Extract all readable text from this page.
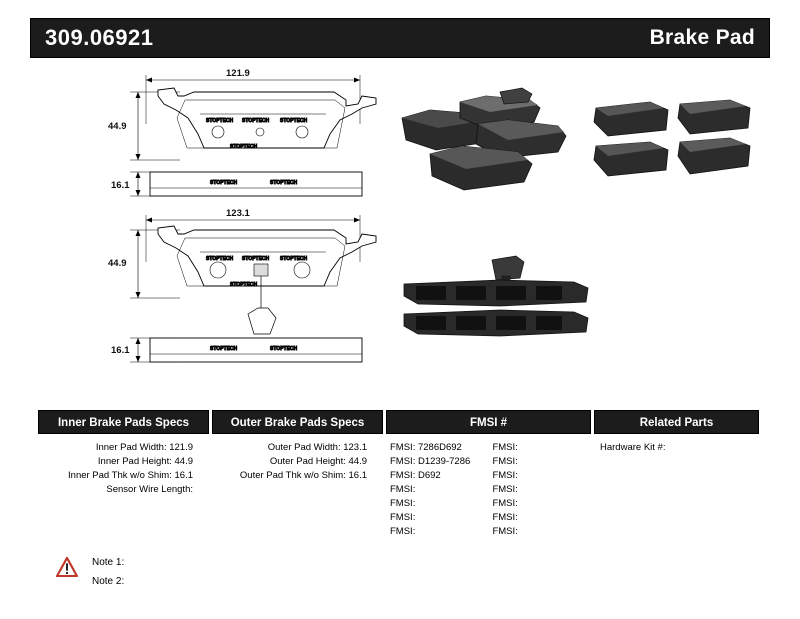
309.06921	Brake Pad
121.9
44.9
16.1
123.1
44.9
16.1
STOPTECH STOPTECH STOPTECH
STOPTECH
STOPTECH	STOPTECH
STOPTECH STOPTECH STOPTECH
STOPTECH
STOPTECH	STOPTECH
Inner Brake Pads Specs
Inner Pad Width: 121.9
Inner Pad Height: 44.9
Inner Pad Thk w/o Shim: 16.1
Sensor Wire Length:
Outer Brake Pads Specs
Outer Pad Width: 123.1
Outer Pad Height: 44.9
Outer Pad Thk w/o Shim: 16.1
FMSI #
FMSI: 7286D692	FMSI:
FMSI: D1239-7286	FMSI:
FMSI: D692	FMSI:
FMSI:	FMSI:
FMSI:	FMSI:
FMSI:	FMSI:
FMSI:	FMSI:
Related Parts
Hardware Kit #:
Note 1:
Note 2:
